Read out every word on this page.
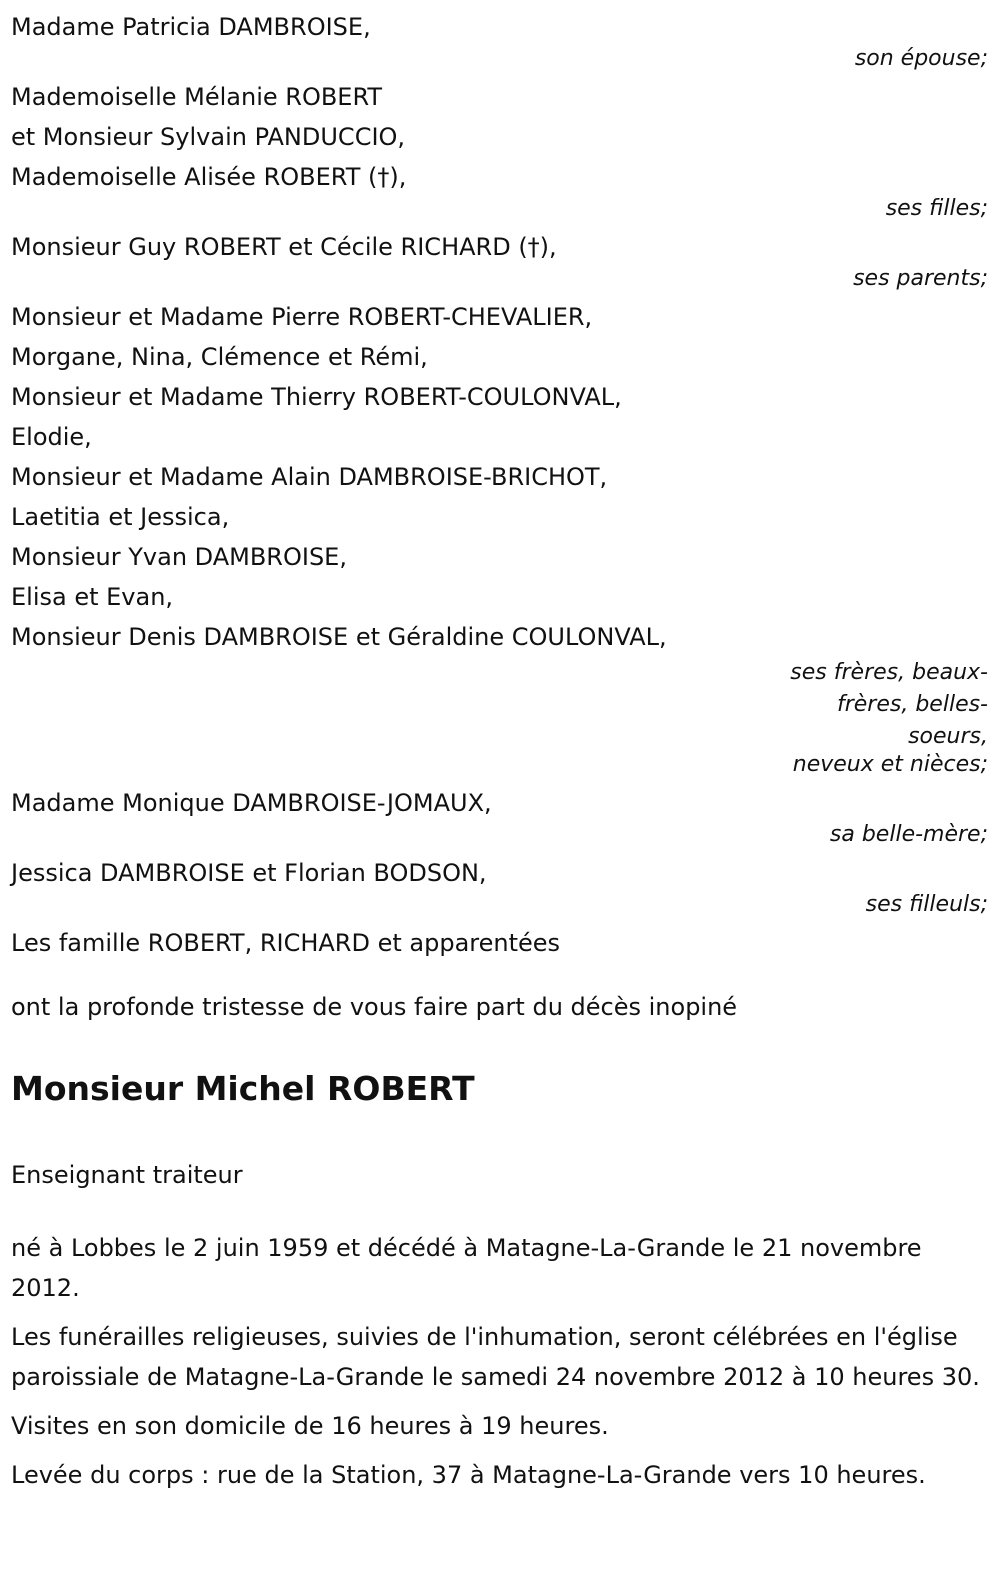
Madame Patricia DAMBROISE,
son épouse;
Mademoiselle Mélanie ROBERT
et Monsieur Sylvain PANDUCCIO,
Mademoiselle Alisée ROBERT (†),
ses filles;
Monsieur Guy ROBERT et Cécile RICHARD (†),
ses parents;
Monsieur et Madame Pierre ROBERT-CHEVALIER,
Morgane, Nina, Clémence et Rémi,
Monsieur et Madame Thierry ROBERT-COULONVAL,
Elodie,
Monsieur et Madame Alain DAMBROISE-BRICHOT,
Laetitia et Jessica,
Monsieur Yvan DAMBROISE,
Elisa et Evan,
Monsieur Denis DAMBROISE et Géraldine COULONVAL,
ses frères, beaux-frères, belles-soeurs,
neveux et nièces;
Madame Monique DAMBROISE-JOMAUX,
sa belle-mère;
Jessica DAMBROISE et Florian BODSON,
ses filleuls;
Les famille ROBERT, RICHARD et apparentées
ont la profonde tristesse de vous faire part du décès inopiné
Monsieur Michel ROBERT
Enseignant traiteur
né à Lobbes le 2 juin 1959 et décédé à Matagne-La-Grande le 21 novembre 2012.
Les funérailles religieuses, suivies de l'inhumation, seront célébrées en l'église paroissiale de Matagne-La-Grande le samedi 24 novembre 2012 à 10 heures 30.
Visites en son domicile de 16 heures à 19 heures.
Levée du corps : rue de la Station, 37 à Matagne-La-Grande vers 10 heures.
